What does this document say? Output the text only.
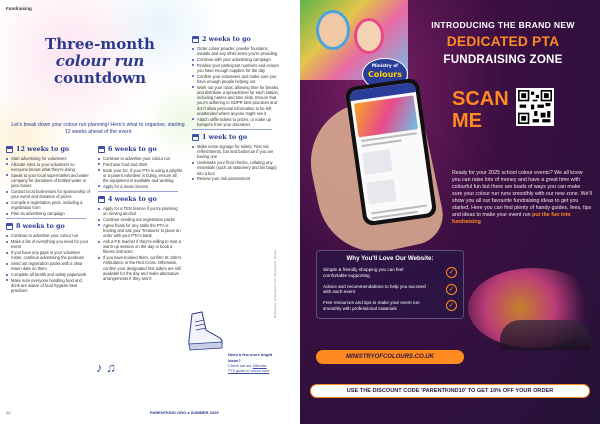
Fundraising
Three-month
colour run
countdown
Let's break down your colour run planning! Here's what to organise, starting 12 weeks ahead of the event
12 weeks to go
Start advertising for volunteers
Allocate roles to your volunteers so everyone knows what they're doing
Speak to your local supermarket and water company for donations of bottled water or juice boxes
Contact local businesses for sponsorship of your event and donation of prizes
Compile a registration pack, including a registration form
Plan an advertising campaign
8 weeks to go
Continue to advertise your colour run
Make a list of everything you need for your event
If you have any gaps in your volunteer roster, continue advertising the positions
Send out registration packs with a clear return date on them
Complete all health and safety paperwork
Make sure everyone handling food and drink are aware of food hygiene best practices
6 weeks to go
Continue to advertise your colour run
Purchase food and drink
Book your DJ. If your PTA is using a playlist or a parent volunteer is DJing, ensure all the equipment is available and working
Apply for a music licence
4 weeks to go
Apply for a TEN licence if you're planning on serving alcohol
Continue sending out registration packs
Agree floats for any stalls the PTA is hosting and ask your Treasurer to place an order with your PTA's bank
Ask a P.E teacher if they're willing to host a warm-up session on the day or book a fitness instructor
If you have booked them, confirm St John's Ambulance or the Red Cross. Otherwise, confirm your designated first aiders are still available for the day and make alternative arrangements if they aren't
2 weeks to go
Order colour powder, powder fountains, medals and any other items you're providing
Continue with your advertising campaign
Finalise your participant numbers and ensure you have enough supplies for the day
Confirm your volunteers and make sure you have enough people helping out
Work out your rotas, allowing time for breaks, and distribute a spreadsheet for each station, including names and time slots. Ensure that you're adhering to GDPR best practices and don't allow personal information to be left unattended where anyone might see it
Attach raffle tickets to prizes, or make up hampers from your donations
1 week to go
Make some signage for toilets, First Aid, refreshments, bar and barbecue if you are having one
Undertake your final checks, collating any essentials (such as stationery and bin bags) into a box
Review your risk assessment
♪ ♫
Need a few more bright ideas?
Check out our Ultimate PTA guide to colour runs
Illustrations: shutterstock.com / Illustrations: Mosaic
40	PARENTKIND.ORG ● SUMMER 2025
Ministry of
Colours
INTRODUCING THE BRAND NEW
DEDICATED PTA
FUNDRAISING ZONE
SCAN
ME
Ready for your 2025 school colour events? We all know you can raise lots of money and have a great time with colourful fun but there are loads of ways you can make sure your colour run runs smoothly with our new zone. We'll show you all our favourite fundraising ideas to get you started. Here you can find plenty of handy guides, fees, tips and ideas to make your event run put the fun into fundraising
Why You'll Love Our Website:
Simple & friendly shopping you can feel comfortable supporting	✓
Advice and recommendations to help you succeed with each event	✓
Free resources and tips to make your event run smoothly with professional materials	✓
MINISTRYOFCOLOURS.CO.UK
USE THE DISCOUNT CODE 'PARENTKIND10' TO GET 10% OFF YOUR ORDER
